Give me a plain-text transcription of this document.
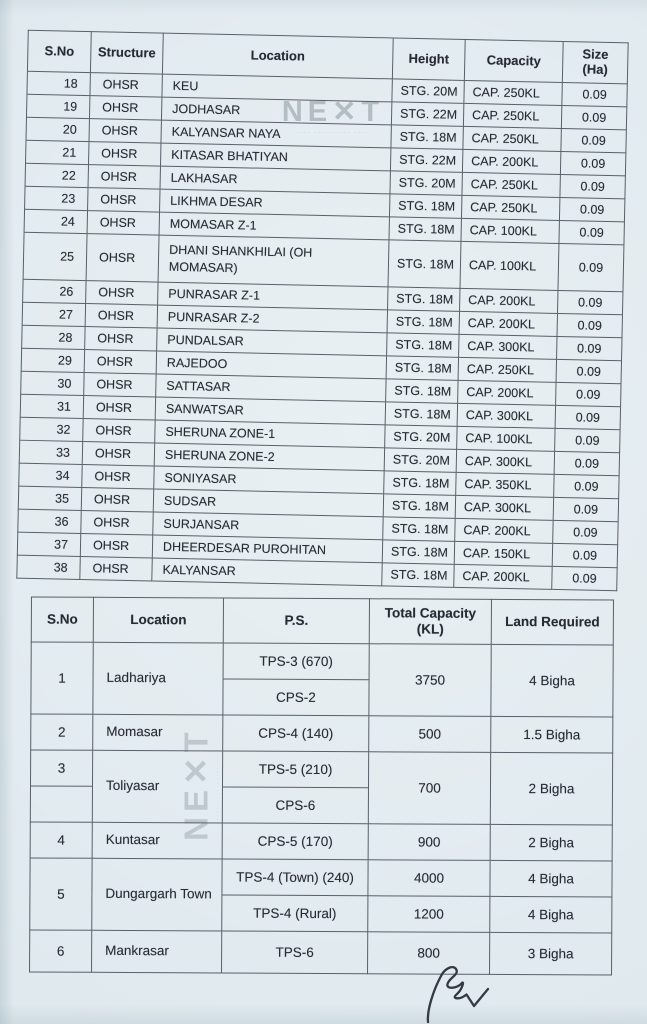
NE✕T
···· ·········· ····
NE✕T ···· ·········· ····
S.No	Structure	Location	Height	Capacity	Size (Ha)
18	OHSR	KEU	STG. 20M	CAP. 250KL	0.09
19	OHSR	JODHASAR	STG. 22M	CAP. 250KL	0.09
20	OHSR	KALYANSAR NAYA	STG. 18M	CAP. 250KL	0.09
21	OHSR	KITASAR BHATIYAN	STG. 22M	CAP. 200KL	0.09
22	OHSR	LAKHASAR	STG. 20M	CAP. 250KL	0.09
23	OHSR	LIKHMA DESAR	STG. 18M	CAP. 250KL	0.09
24	OHSR	MOMASAR Z-1	STG. 18M	CAP. 100KL	0.09
25	OHSR	DHANI SHANKHILAI (OH
MOMASAR)	STG. 18M	CAP. 100KL	0.09
26	OHSR	PUNRASAR Z-1	STG. 18M	CAP. 200KL	0.09
27	OHSR	PUNRASAR Z-2	STG. 18M	CAP. 200KL	0.09
28	OHSR	PUNDALSAR	STG. 18M	CAP. 300KL	0.09
29	OHSR	RAJEDOO	STG. 18M	CAP. 250KL	0.09
30	OHSR	SATTASAR	STG. 18M	CAP. 200KL	0.09
31	OHSR	SANWATSAR	STG. 18M	CAP. 300KL	0.09
32	OHSR	SHERUNA ZONE-1	STG. 20M	CAP. 100KL	0.09
33	OHSR	SHERUNA ZONE-2	STG. 20M	CAP. 300KL	0.09
34	OHSR	SONIYASAR	STG. 18M	CAP. 350KL	0.09
35	OHSR	SUDSAR	STG. 18M	CAP. 300KL	0.09
36	OHSR	SURJANSAR	STG. 18M	CAP. 200KL	0.09
37	OHSR	DHEERDESAR PUROHITAN	STG. 18M	CAP. 150KL	0.09
38	OHSR	KALYANSAR	STG. 18M	CAP. 200KL	0.09
S.No	Location	P.S.	Total Capacity (KL)	Land Required
1	Ladhariya	TPS-3 (670)	3750	4 Bigha
		CPS-2		
2	Momasar	CPS-4 (140)	500	1.5 Bigha
3	Toliyasar	TPS-5 (210)	700	2 Bigha
		CPS-6		
4	Kuntasar	CPS-5 (170)	900	2 Bigha
5	Dungargarh Town	TPS-4 (Town) (240)	4000	4 Bigha
		TPS-4 (Rural)	1200	4 Bigha
6	Mankrasar	TPS-6	800	3 Bigha
